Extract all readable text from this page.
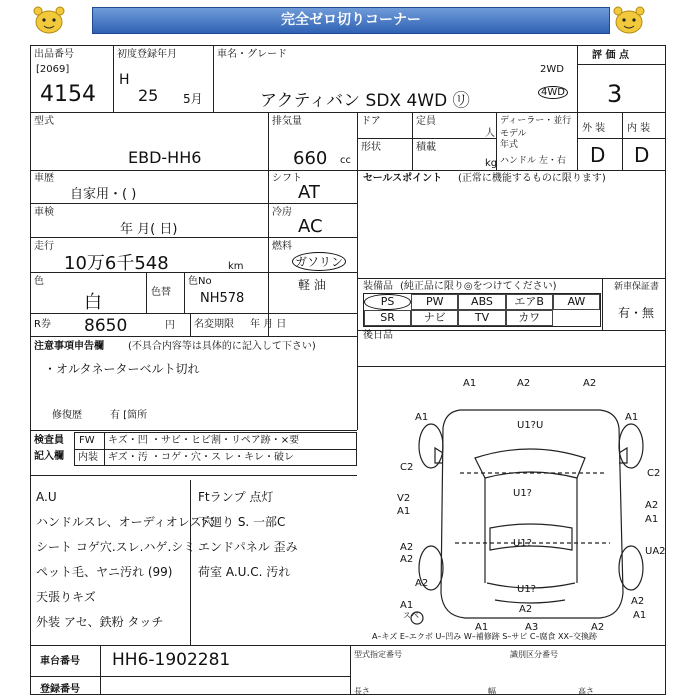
完全ゼロ切りコーナー
出品番号
[2069]
4154
初度登録年月
H
25 5月
車名・グレード
アクティバン SDX 4WD ㋷
2WD
4WD
評 価 点
3
型式
EBD-HH6
排気量
660 cc
ドア	定員
人
形状	積載
kg
ディーラー・並行
モデル
年式
ハンドル 左・右
外 装 内 装
D D
車歴
自家用・( )
シフト
AT
車検
年 月( 日)
冷房
AC
走行
10万6千548	km
燃料
ガソリン
軽 油
色
白	色替
色No
NH578
R券 8650	円 名変期限 年 月 日
セールスポイント (正常に機能するものに限ります)
装備品 (純正品に限り◎をつけてください)	新車保証書
有・無
PS	PW	ABS	エアB	AW
SR	ナビ	TV	カワ
後日品
注意事項申告欄 (不具合内容等は具体的に記入して下さい)
・オルタネーターベルト切れ
修復歴	有 [箇所
検査員
記入欄
FW キズ・凹 ・サビ・ヒビ割・リペア跡・×要
内装 ギズ・汚 ・コゲ・穴・ス レ・キレ・破レ
A.U
ハンドルスレ、オーディオレス穴
シート コゲ穴.スレ.ハゲ.シミ
ペット毛、ヤニ汚れ (99)
天張りキズ
外装 アセ、鉄粉 タッチ
Ftランプ 点灯
下廻り S. 一部C
エンドパネル 歪み
荷室 A.U.C. 汚れ
車台番号 HH6-1902281
登録番号
型式指定番号	識別区分番号
長さ	幅	高さ
A–キズ E–エクボ U–凹み W–補修跡 S–サビ C–腐食 XX–交換跡
A1	A2	A2
A1
U1?U
A1
C2
C2
A2
A1
A2
U1?
V2
A1
A2
A1	A2
UA2
U1?
A2
U1?
A2
A1	A3	A2
A1
スペ
